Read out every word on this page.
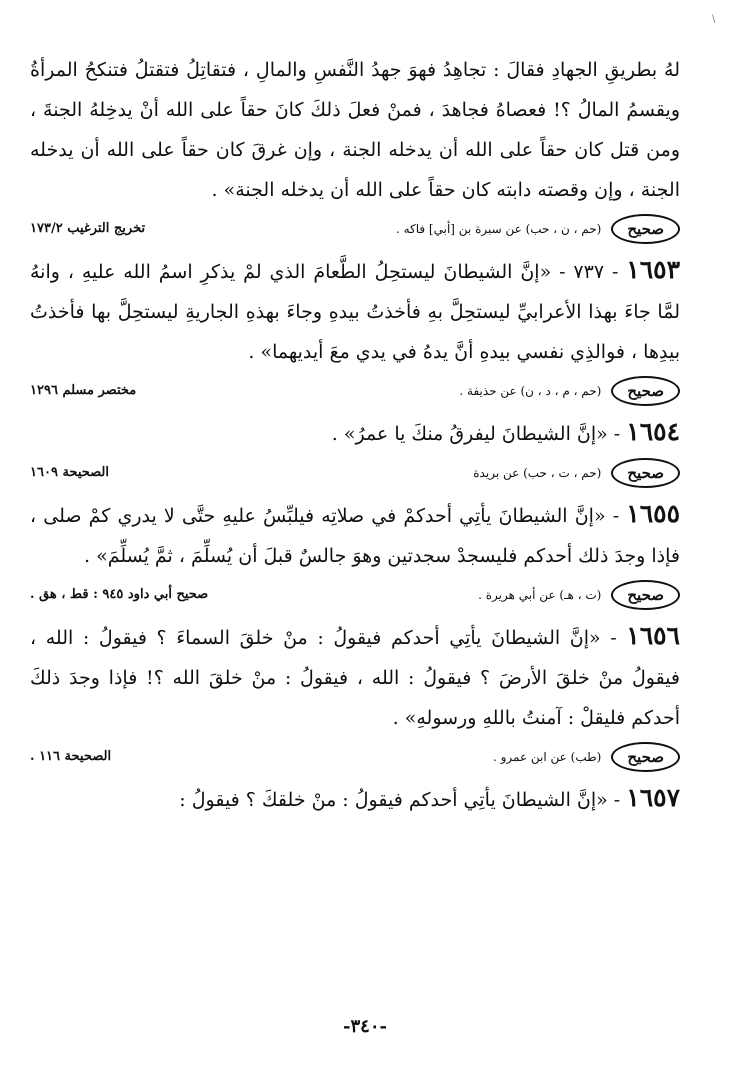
\

لهُ بطريقِ الجهادِ فقالَ : تجاهِدُ فهوَ جهدُ النَّفسِ والمالِ ، فتقاتِلُ فتقتلُ فتنكحُ المرأةُ ويقسمُ المالُ ؟! فعصاهُ فجاهدَ ، فمنْ فعلَ ذلكَ كانَ حقاً على الله أنْ يدخِلهُ الجنةَ ، ومن قتل كان حقاً على الله أن يدخله الجنة ، وإن غرقَ كان حقاً على الله أن يدخله الجنة ، وإن وقصته دابته كان حقاً على الله أن يدخله الجنة» .

صحيح
(حم ، ن ، حب) عن سبرة بن [أبي] فاكه .
تخريج الترغيب ١٧٣/٢

١٦٥٣ - ٧٣٧ - «إنَّ الشيطانَ ليستحِلُ الطَّعامَ الذي لمْ يذكرِ اسمُ الله عليهِ ، وانهُ لمَّا جاءَ بهذا الأعرابيِّ ليستحِلَّ بهِ فأخذتُ بيدهِ وجاءَ بهذهِ الجاريةِ ليستحِلَّ بها فأخذتُ بيدِها ، فوالذِي نفسي بيدهِ أنَّ يدهُ في يدي معَ أيديهما» .

صحيح
(حم ، م ، د ، ن) عن حذيفة .
مختصر مسلم ١٢٩٦

١٦٥٤ - «إنَّ الشيطانَ ليفرقُ منكَ يا عمرُ» .

صحيح
(حم ، ت ، حب) عن بريدة
الصحيحة ١٦٠٩

١٦٥٥ - «إنَّ الشيطانَ يأتِي أحدكمْ في صلاتِه فيلبِّسُ عليهِ حتَّى لا يدري كمْ صلى ، فإذا وجدَ ذلك أحدكم فليسجدْ سجدتين وهوَ جالسٌ قبلَ أن يُسلِّمَ ، ثمَّ يُسلِّمَ» .

صحيح
(ت ، هـ) عن أبي هريرة .
صحيح أبي داود ٩٤٥ : قط ، هق .

١٦٥٦ - «إنَّ الشيطانَ يأتِي أحدكم فيقولُ : منْ خلقَ السماءَ ؟ فيقولُ : الله ، فيقولُ منْ خلقَ الأرضَ ؟ فيقولُ : الله ، فيقولُ : منْ خلقَ الله ؟! فإذا وجدَ ذلكَ أحدكم فليقلْ : آمنتُ باللهِ ورسولهِ» .

صحيح
(طب) عن ابن عمرو .
الصحيحة ١١٦ .

١٦٥٧ - «إنَّ الشيطانَ يأتِي أحدكم فيقولُ : منْ خلقكَ ؟ فيقولُ :

-٣٤٠-
